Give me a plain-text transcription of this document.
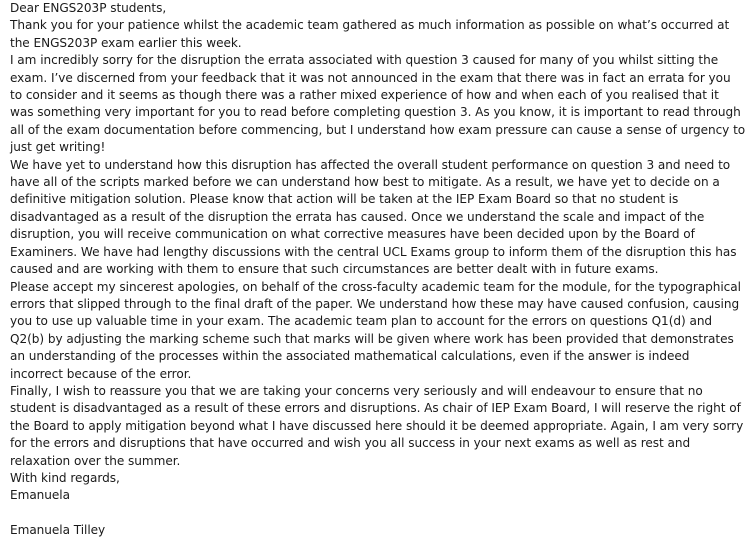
Dear ENGS203P students,

Thank you for your patience whilst the academic team gathered as much information as possible on what’s occurred at the ENGS203P exam earlier this week.

I am incredibly sorry for the disruption the errata associated with question 3 caused for many of you whilst sitting the exam. I’ve discerned from your feedback that it was not announced in the exam that there was in fact an errata for you to consider and it seems as though there was a rather mixed experience of how and when each of you realised that it was something very important for you to read before completing question 3. As you know, it is important to read through all of the exam documentation before commencing, but I understand how exam pressure can cause a sense of urgency to just get writing!

We have yet to understand how this disruption has affected the overall student performance on question 3 and need to have all of the scripts marked before we can understand how best to mitigate. As a result, we have yet to decide on a definitive mitigation solution. Please know that action will be taken at the IEP Exam Board so that no student is disadvantaged as a result of the disruption the errata has caused. Once we understand the scale and impact of the disruption, you will receive communication on what corrective measures have been decided upon by the Board of Examiners. We have had lengthy discussions with the central UCL Exams group to inform them of the disruption this has caused and are working with them to ensure that such circumstances are better dealt with in future exams.

Please accept my sincerest apologies, on behalf of the cross-faculty academic team for the module, for the typographical errors that slipped through to the final draft of the paper. We understand how these may have caused confusion, causing you to use up valuable time in your exam. The academic team plan to account for the errors on questions Q1(d) and Q2(b) by adjusting the marking scheme such that marks will be given where work has been provided that demonstrates an understanding of the processes within the associated mathematical calculations, even if the answer is indeed incorrect because of the error.

Finally, I wish to reassure you that we are taking your concerns very seriously and will endeavour to ensure that no student is disadvantaged as a result of these errors and disruptions. As chair of IEP Exam Board, I will reserve the right of the Board to apply mitigation beyond what I have discussed here should it be deemed appropriate. Again, I am very sorry for the errors and disruptions that have occurred and wish you all success in your next exams as well as rest and relaxation over the summer.

With kind regards,

Emanuela

Emanuela Tilley
